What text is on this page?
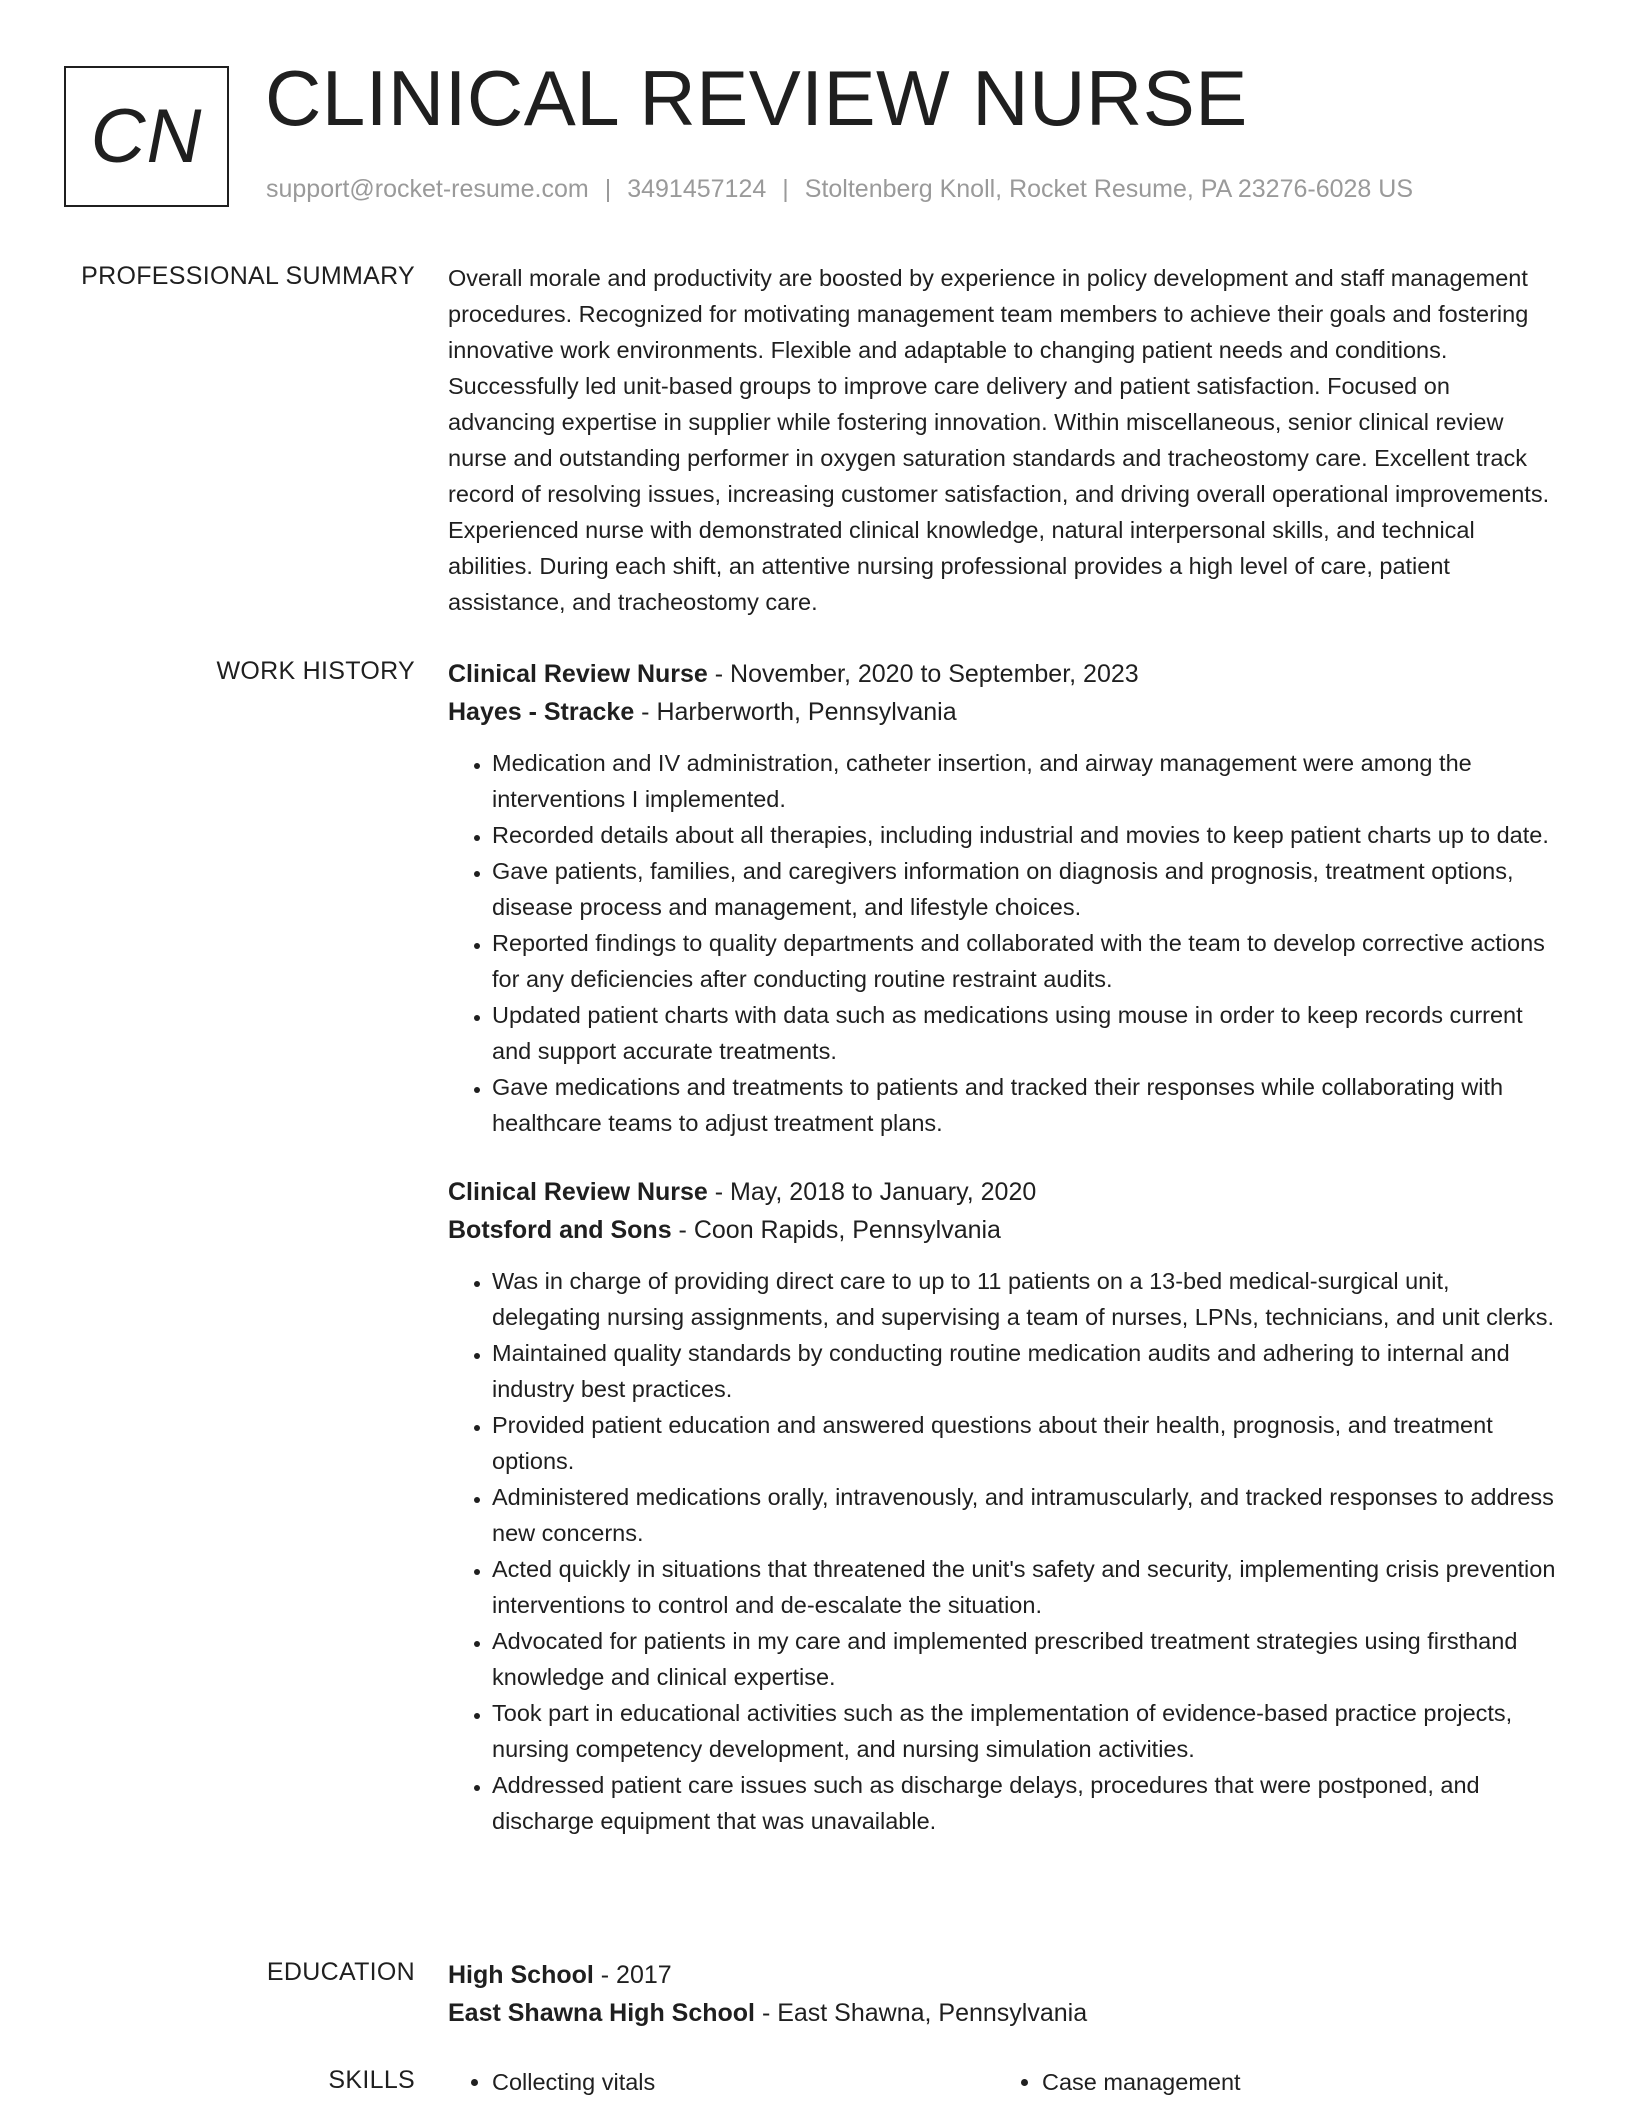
CN CLINICAL REVIEW NURSE
support@rocket-resume.com | 3491457124 | Stoltenberg Knoll, Rocket Resume, PA 23276-6028 US
PROFESSIONAL SUMMARY Overall morale and productivity are boosted by experience in policy development and staff management procedures. Recognized for motivating management team members to achieve their goals and fostering innovative work environments. Flexible and adaptable to changing patient needs and conditions. Successfully led unit-based groups to improve care delivery and patient satisfaction. Focused on advancing expertise in supplier while fostering innovation. Within miscellaneous, senior clinical review nurse and outstanding performer in oxygen saturation standards and tracheostomy care. Excellent track record of resolving issues, increasing customer satisfaction, and driving overall operational improvements. Experienced nurse with demonstrated clinical knowledge, natural interpersonal skills, and technical abilities. During each shift, an attentive nursing professional provides a high level of care, patient assistance, and tracheostomy care.

WORK HISTORY Clinical Review Nurse - November, 2020 to September, 2023

Hayes - Stracke - Harberworth, Pennsylvania

• Medication and IV administration, catheter insertion, and airway management were among the interventions I implemented.
• Recorded details about all therapies, including industrial and movies to keep patient charts up to date.
• Gave patients, families, and caregivers information on diagnosis and prognosis, treatment options, disease process and management, and lifestyle choices.
• Reported findings to quality departments and collaborated with the team to develop corrective actions for any deficiencies after conducting routine restraint audits.
• Updated patient charts with data such as medications using mouse in order to keep records current and support accurate treatments.
• Gave medications and treatments to patients and tracked their responses while collaborating with healthcare teams to adjust treatment plans.

Clinical Review Nurse - May, 2018 to January, 2020

Botsford and Sons - Coon Rapids, Pennsylvania

• Was in charge of providing direct care to up to 11 patients on a 13-bed medical-surgical unit, delegating nursing assignments, and supervising a team of nurses, LPNs, technicians, and unit clerks.
• Maintained quality standards by conducting routine medication audits and adhering to internal and industry best practices.
• Provided patient education and answered questions about their health, prognosis, and treatment options.
• Administered medications orally, intravenously, and intramuscularly, and tracked responses to address new concerns.
• Acted quickly in situations that threatened the unit's safety and security, implementing crisis prevention interventions to control and de-escalate the situation.
• Advocated for patients in my care and implemented prescribed treatment strategies using firsthand knowledge and clinical expertise.
• Took part in educational activities such as the implementation of evidence-based practice projects, nursing competency development, and nursing simulation activities.
• Addressed patient care issues such as discharge delays, procedures that were postponed, and discharge equipment that was unavailable.
EDUCATION High School - 2017

East Shawna High School - East Shawna, Pennsylvania

SKILLS	• Collecting vitals	• Case management
